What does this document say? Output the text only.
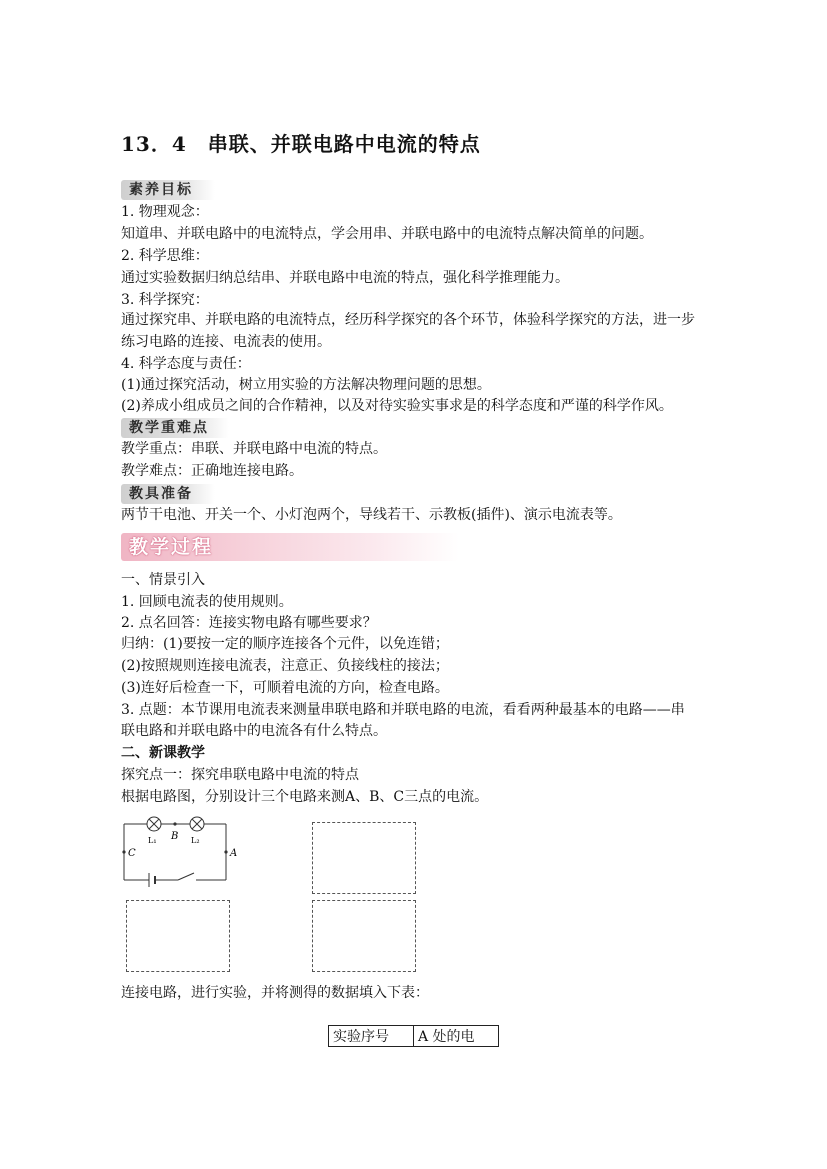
13．4　串联、并联电路中电流的特点
素养目标
1. 物理观念：
知道串、并联电路中的电流特点，学会用串、并联电路中的电流特点解决简单的问题。
2. 科学思维：
通过实验数据归纳总结串、并联电路中电流的特点，强化科学推理能力。
3. 科学探究：
通过探究串、并联电路的电流特点，经历科学探究的各个环节，体验科学探究的方法，进一步
练习电路的连接、电流表的使用。
4. 科学态度与责任：
(1)通过探究活动，树立用实验的方法解决物理问题的思想。
(2)养成小组成员之间的合作精神，以及对待实验实事求是的科学态度和严谨的科学作风。
教学重难点
教学重点：串联、并联电路中电流的特点。
教学难点：正确地连接电路。
教具准备
两节干电池、开关一个、小灯泡两个，导线若干、示教板(插件)、演示电流表等。
教学过程
一、情景引入
1. 回顾电流表的使用规则。
2. 点名回答：连接实物电路有哪些要求？
归纳：(1)要按一定的顺序连接各个元件，以免连错；
(2)按照规则连接电流表，注意正、负接线柱的接法；
(3)连好后检查一下，可顺着电流的方向，检查电路。
3. 点题：本节课用电流表来测量串联电路和并联电路的电流，看看两种最基本的电路——串
联电路和并联电路中的电流各有什么特点。
二、新课教学
探究点一：探究串联电路中电流的特点
根据电路图，分别设计三个电路来测A、B、C三点的电流。
C
B
A
L₁	L₂
连接电路，进行实验，并将测得的数据填入下表：
实验序号	A 处的电
